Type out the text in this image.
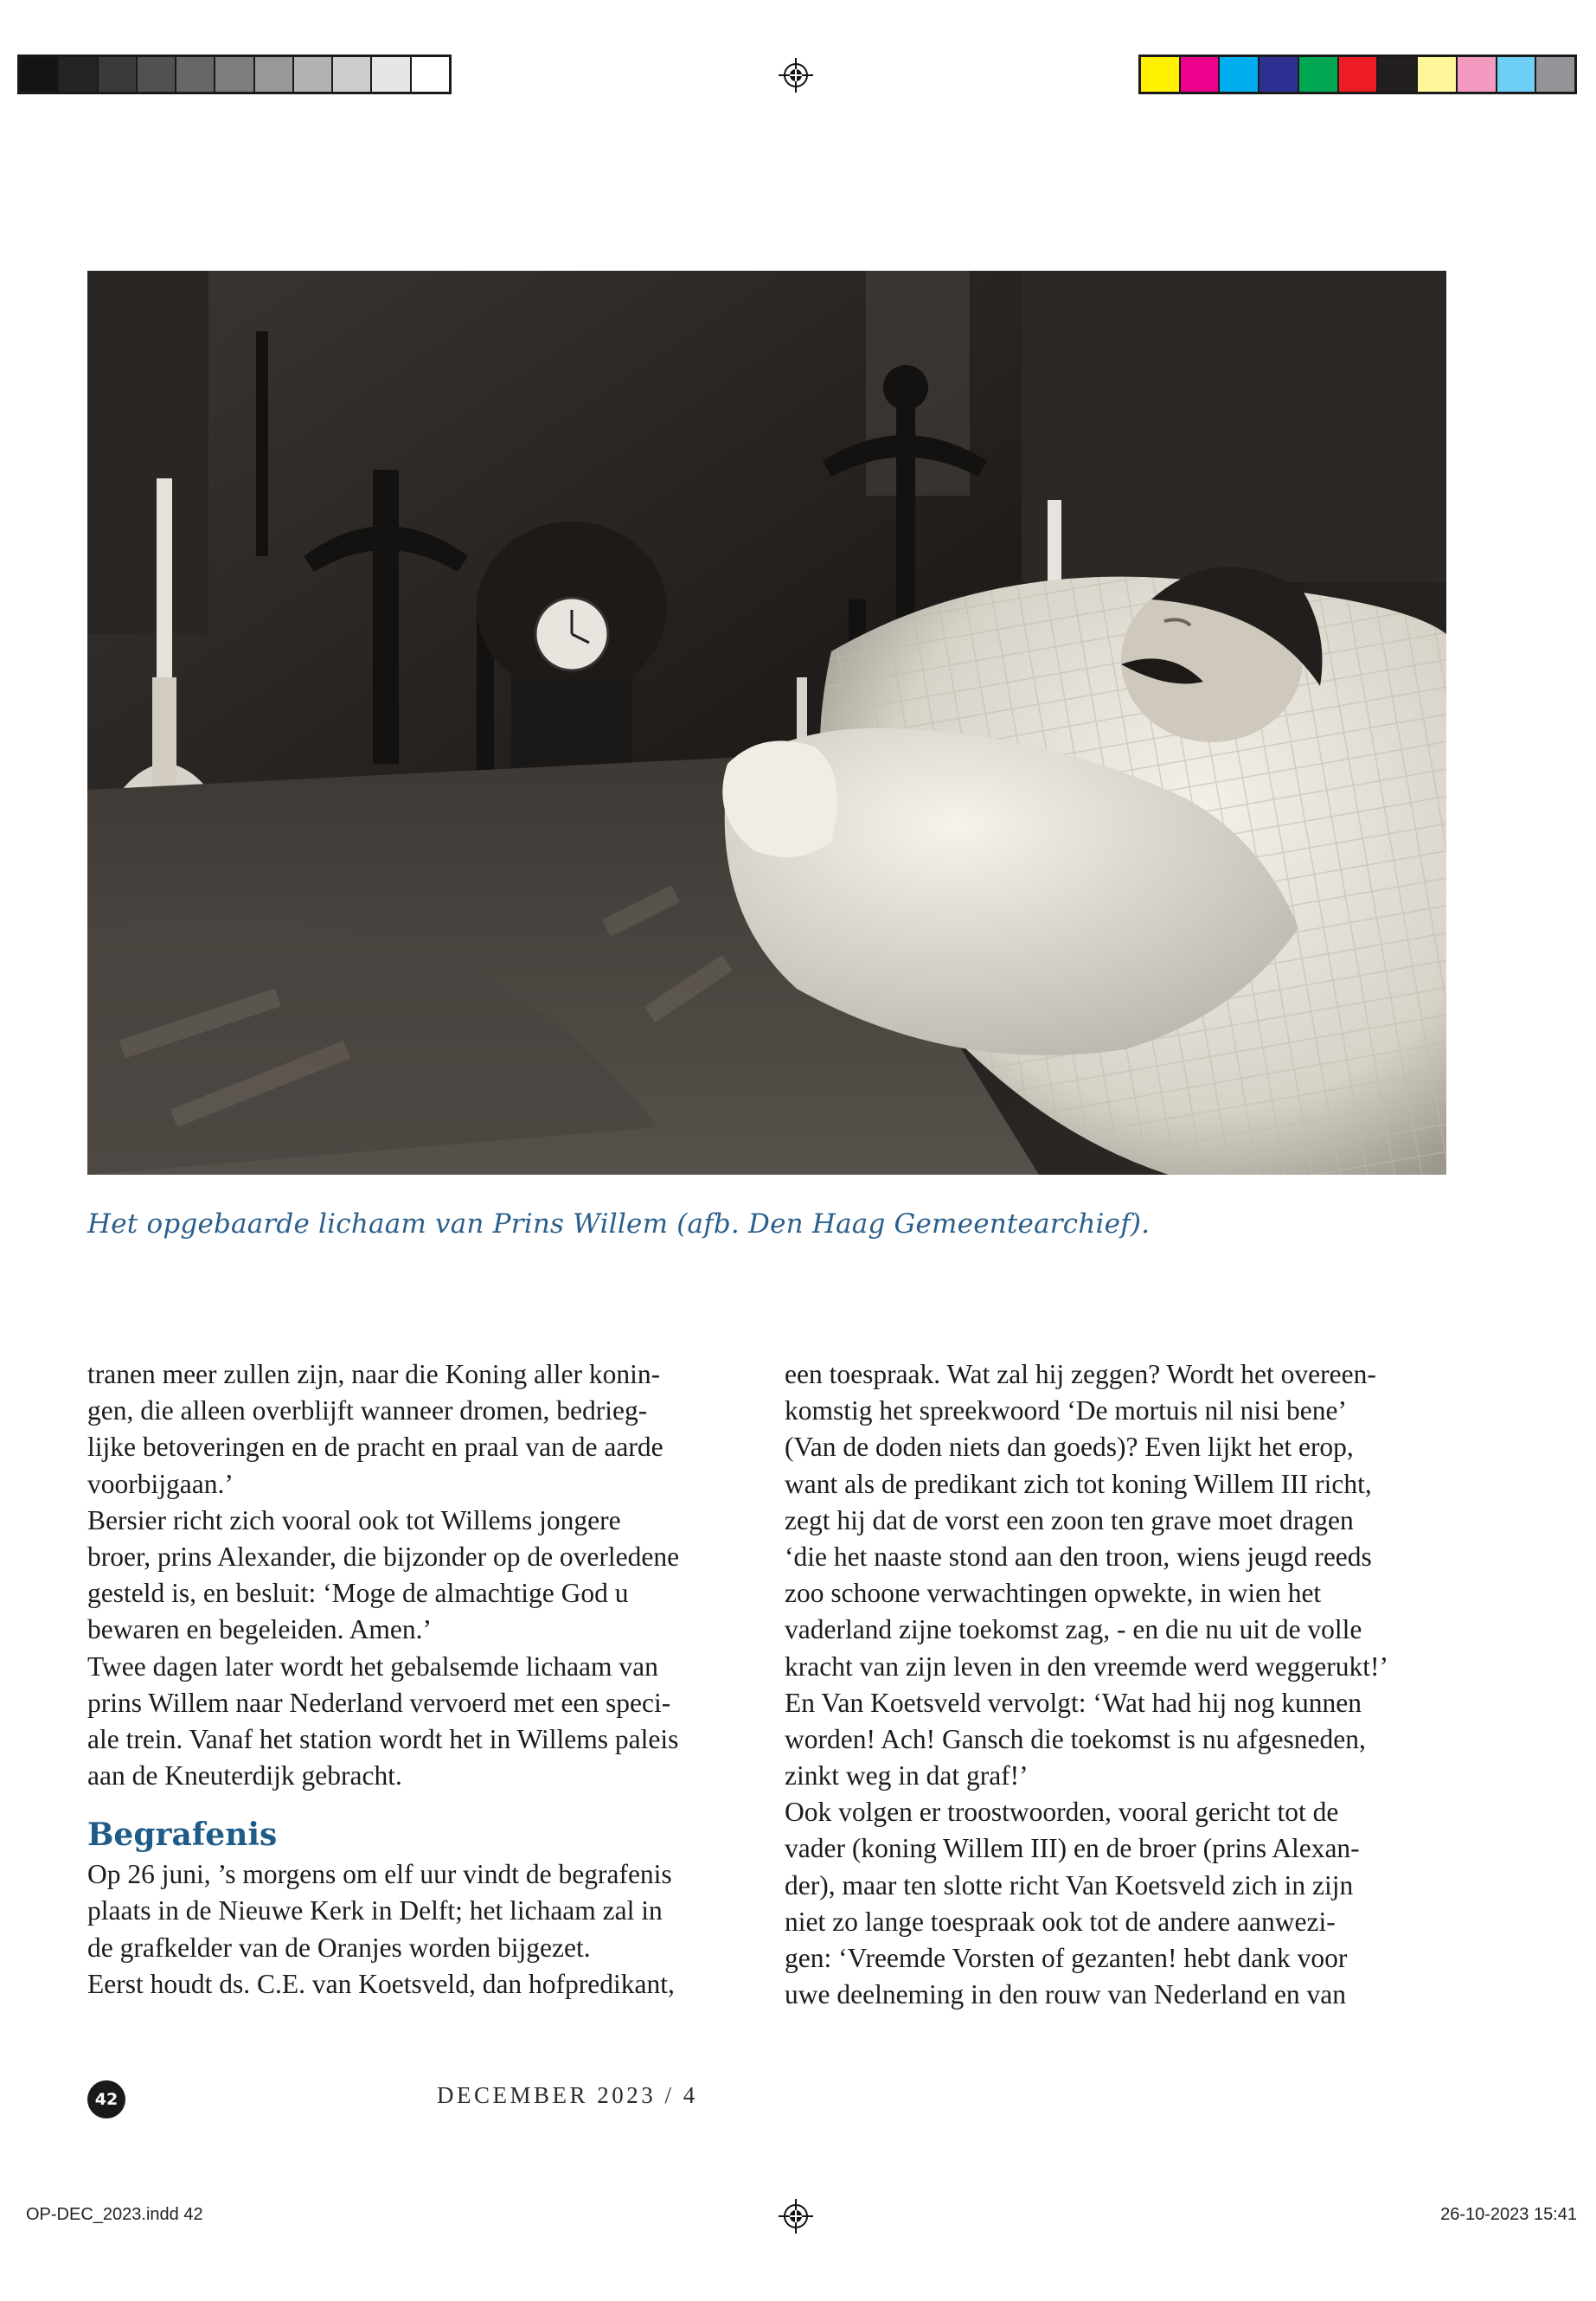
Het opgebaarde lichaam van Prins Willem (afb. Den Haag Gemeentearchief).
tranen meer zullen zijn, naar die Koning aller konin-
gen, die alleen overblijft wanneer dromen, bedrieg-
lijke betoveringen en de pracht en praal van de aarde
voorbijgaan.’
Bersier richt zich vooral ook tot Willems jongere
broer, prins Alexander, die bijzonder op de overledene
gesteld is, en besluit: ‘Moge de almachtige God u
bewaren en begeleiden. Amen.’
Twee dagen later wordt het gebalsemde lichaam van
prins Willem naar Nederland vervoerd met een speci-
ale trein. Vanaf het station wordt het in Willems paleis
aan de Kneuterdijk gebracht.
Begrafenis
Op 26 juni, ’s morgens om elf uur vindt de begrafenis
plaats in de Nieuwe Kerk in Delft; het lichaam zal in
de grafkelder van de Oranjes worden bijgezet.
Eerst houdt ds. C.E. van Koetsveld, dan hofpredikant,
een toespraak. Wat zal hij zeggen? Wordt het overeen-
komstig het spreekwoord ‘De mortuis nil nisi bene’
(Van de doden niets dan goeds)? Even lijkt het erop,
want als de predikant zich tot koning Willem III richt,
zegt hij dat de vorst een zoon ten grave moet dragen
‘die het naaste stond aan den troon, wiens jeugd reeds
zoo schoone verwachtingen opwekte, in wien het
vaderland zijne toekomst zag, - en die nu uit de volle
kracht van zijn leven in den vreemde werd weggerukt!’
En Van Koetsveld vervolgt: ‘Wat had hij nog kunnen
worden! Ach! Gansch die toekomst is nu afgesneden,
zinkt weg in dat graf!’
Ook volgen er troostwoorden, vooral gericht tot de
vader (koning Willem III) en de broer (prins Alexan-
der), maar ten slotte richt Van Koetsveld zich in zijn
niet zo lange toespraak ook tot de andere aanwezi-
gen: ‘Vreemde Vorsten of gezanten! hebt dank voor
uwe deelneming in den rouw van Nederland en van
42	DECEMBER 2023 / 4
OP-DEC_2023.indd 42	26-10-2023 15:41
